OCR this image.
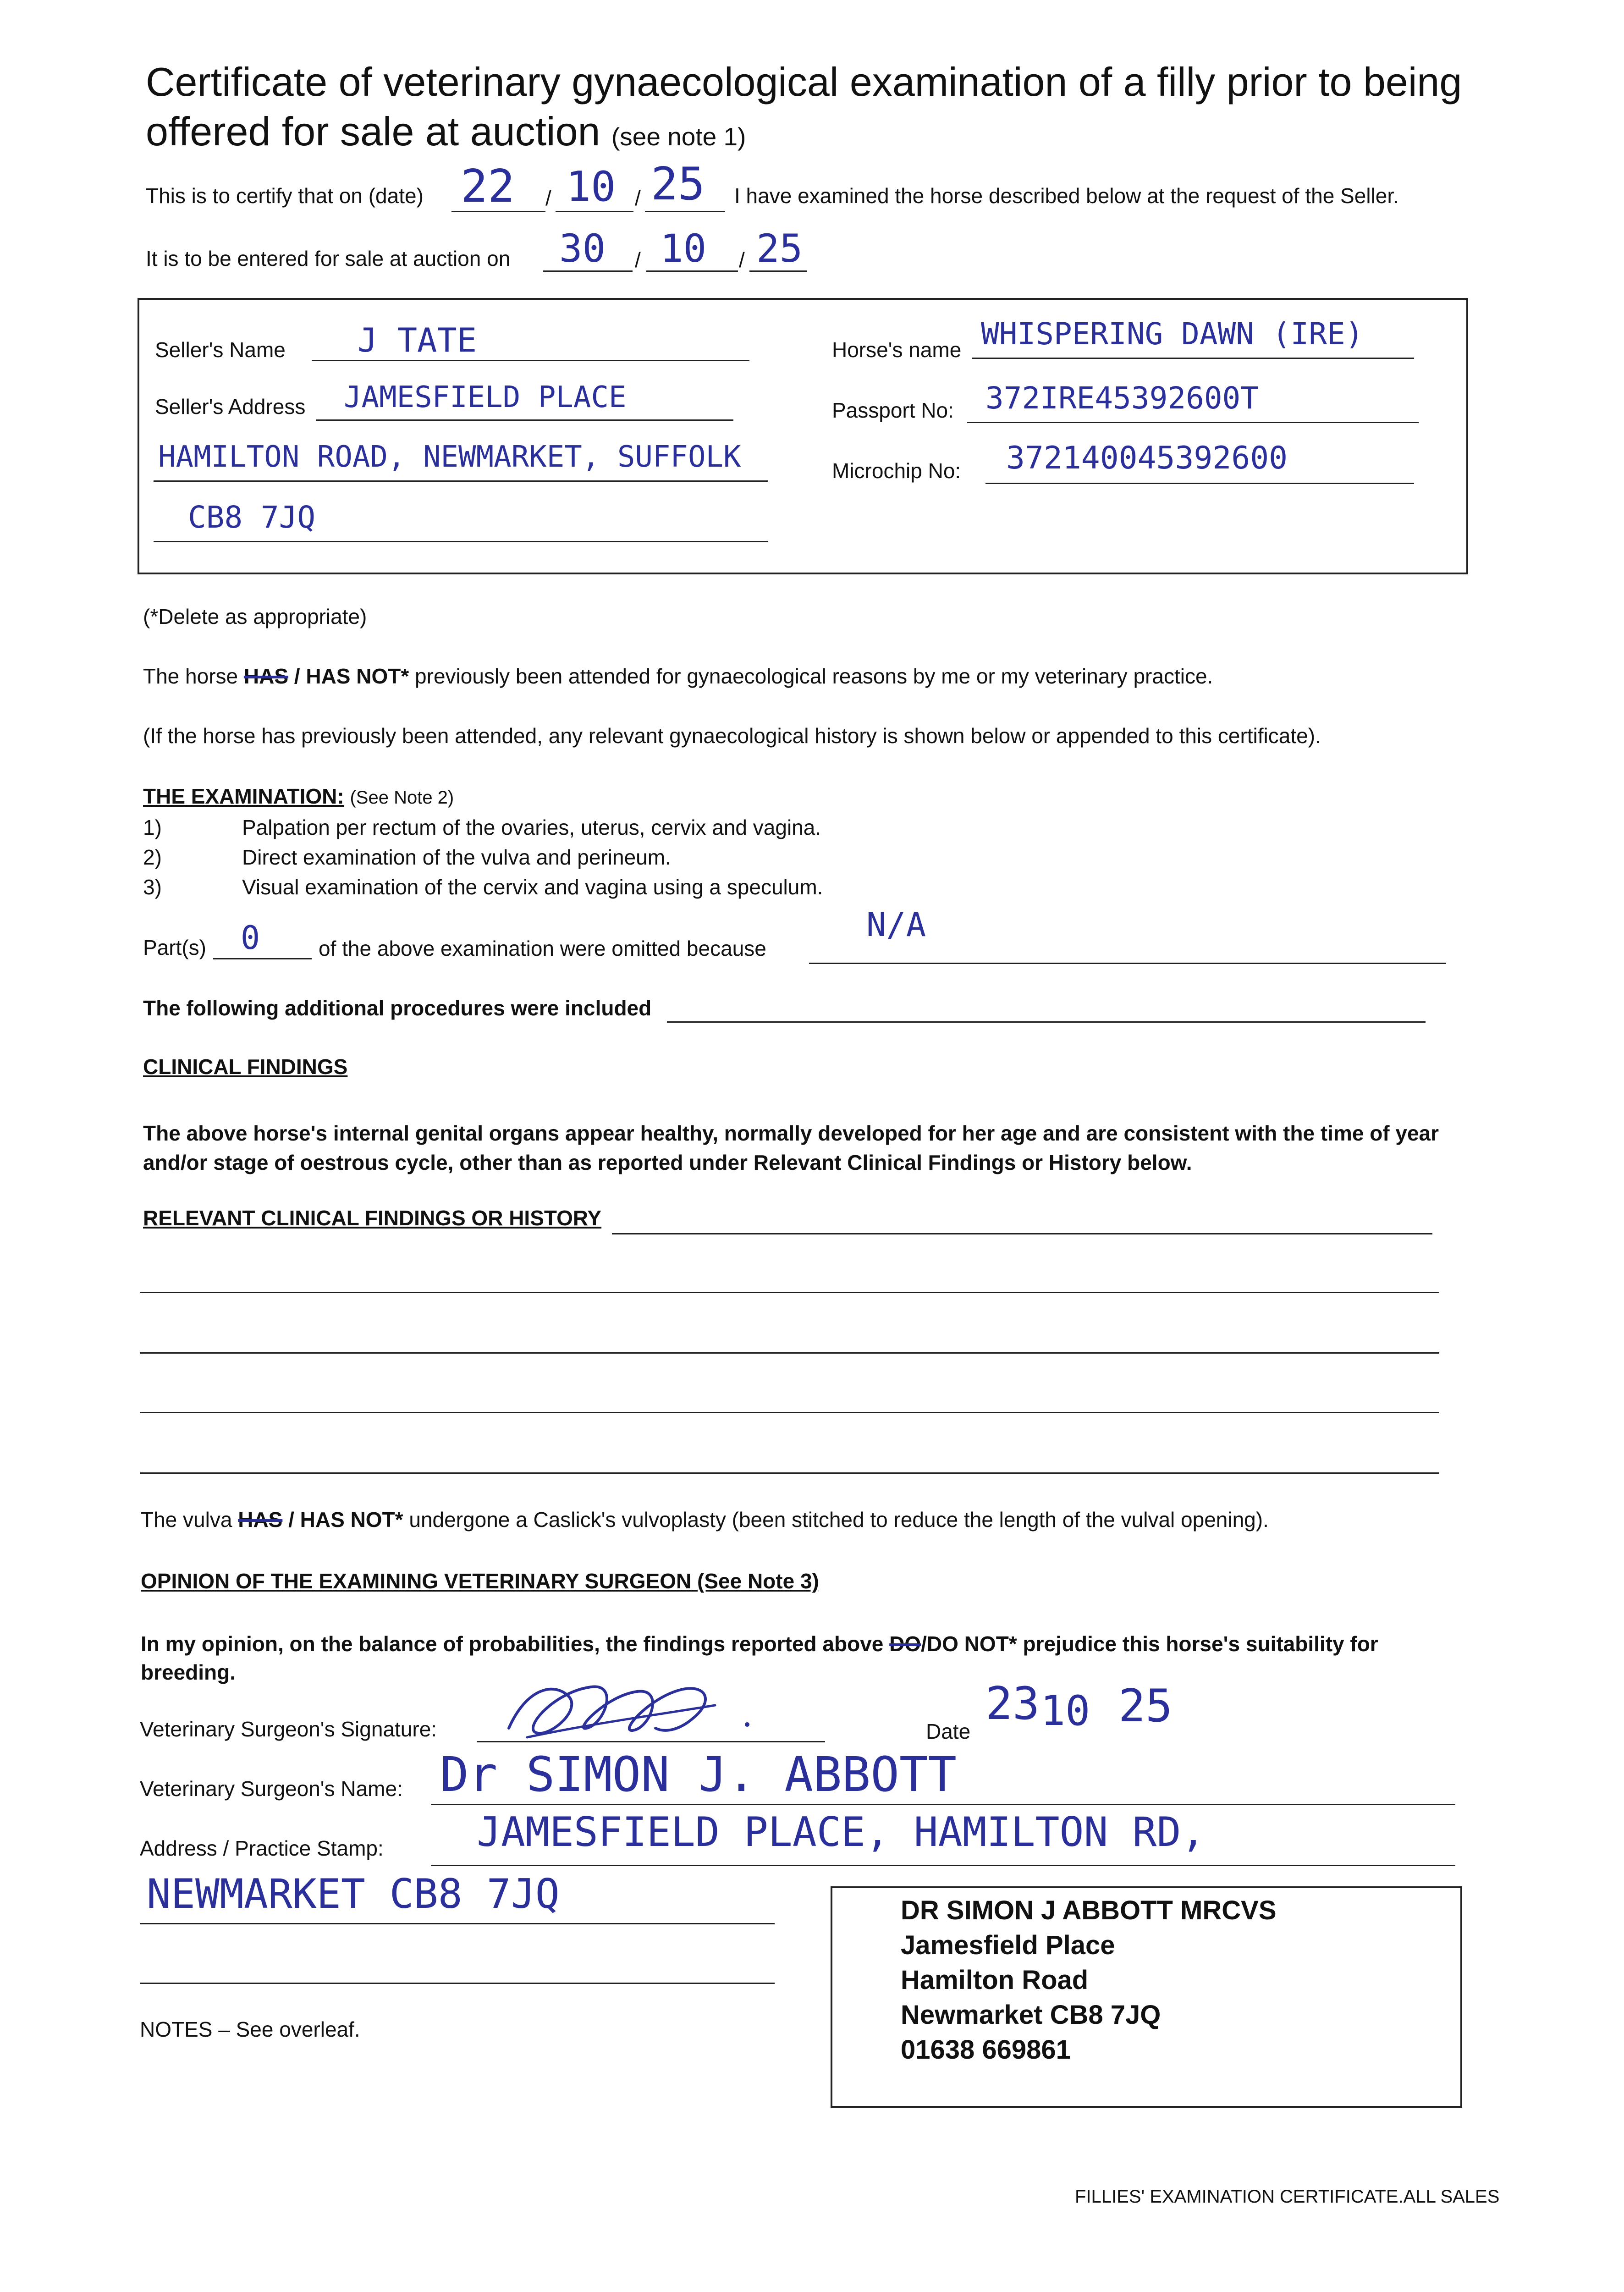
Certificate of veterinary gynaecological examination of a filly prior to being offered for sale at auction (see note 1)
This is to certify that on (date) 22 / 10 / 25 I have examined the horse described below at the request of the Seller.
It is to be entered for sale at auction on 30 / 10 / 25
Seller's Name J TATE
Seller's Address JAMESFIELD PLACE
HAMILTON ROAD, NEWMARKET, SUFFOLK
CB8 7JQ
Horse's name WHISPERING DAWN (IRE)
Passport No: 372IRE45392600T
Microchip No: 372140045392600
(*Delete as appropriate)
The horse HAS / HAS NOT* previously been attended for gynaecological reasons by me or my veterinary practice.
(If the horse has previously been attended, any relevant gynaecological history is shown below or appended to this certificate).
THE EXAMINATION: (See Note 2)
1)	Palpation per rectum of the ovaries, uterus, cervix and vagina.
2)	Direct examination of the vulva and perineum.
3)	Visual examination of the cervix and vagina using a speculum.
Part(s) 0	of the above examination were omitted because
N/A
The following additional procedures were included
CLINICAL FINDINGS
The above horse's internal genital organs appear healthy, normally developed for her age and are consistent with the time of year and/or stage of oestrous cycle, other than as reported under Relevant Clinical Findings or History below.
RELEVANT CLINICAL FINDINGS OR HISTORY
The vulva HAS / HAS NOT* undergone a Caslick's vulvoplasty (been stitched to reduce the length of the vulval opening).
OPINION OF THE EXAMINING VETERINARY SURGEON (See Note 3)
In my opinion, on the balance of probabilities, the findings reported above DO/DO NOT* prejudice this horse's suitability for breeding.
Veterinary Surgeon's Signature:	Date
23 10 25
Veterinary Surgeon's Name: Dr SIMON J. ABBOTT
Address / Practice Stamp: JAMESFIELD PLACE, HAMILTON RD,
NEWMARKET CB8 7JQ	DR SIMON J ABBOTT MRCVS
Jamesfield Place
Hamilton Road
Newmarket CB8 7JQ
01638 669861
NOTES – See overleaf.
FILLIES' EXAMINATION CERTIFICATE.ALL SALES
